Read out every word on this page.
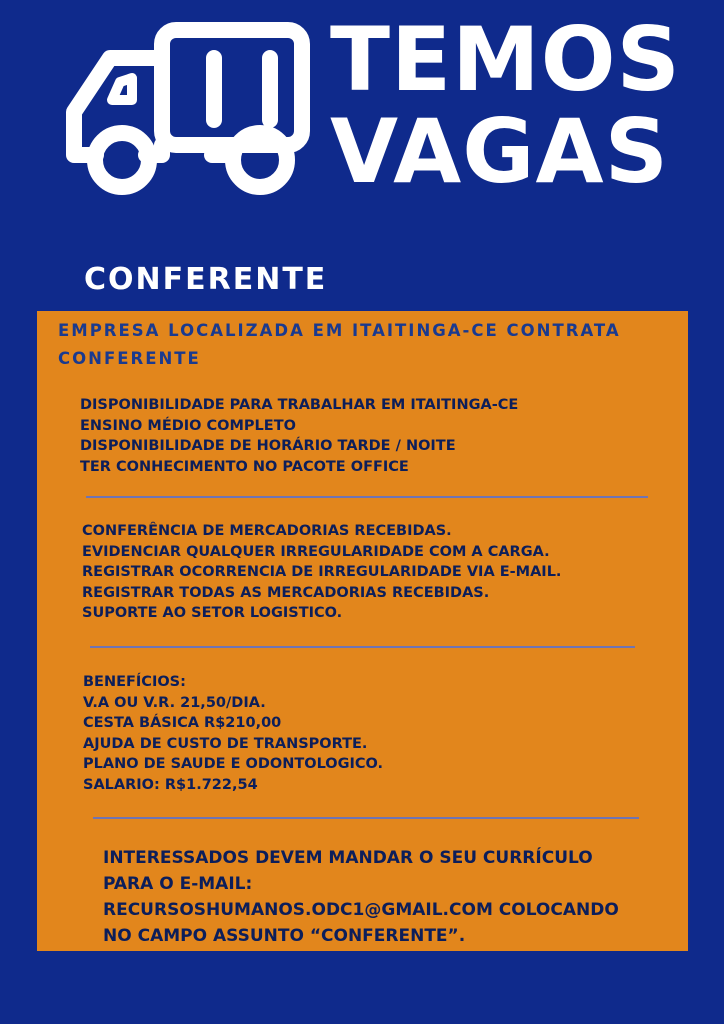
TEMOS
VAGAS
CONFERENTE

EMPRESA LOCALIZADA EM ITAITINGA-CE CONTRATA CONFERENTE

DISPONIBILIDADE PARA TRABALHAR EM ITAITINGA-CE
ENSINO MÉDIO COMPLETO
DISPONIBILIDADE DE HORÁRIO TARDE / NOITE
TER CONHECIMENTO NO PACOTE OFFICE
CONFERÊNCIA DE MERCADORIAS RECEBIDAS.
EVIDENCIAR QUALQUER IRREGULARIDADE COM A CARGA.
REGISTRAR OCORRENCIA DE IRREGULARIDADE VIA E-MAIL.
REGISTRAR TODAS AS MERCADORIAS RECEBIDAS.
SUPORTE AO SETOR LOGISTICO.
BENEFÍCIOS:
V.A OU V.R. 21,50/DIA.
CESTA BÁSICA R$210,00
AJUDA DE CUSTO DE TRANSPORTE.
PLANO DE SAUDE E ODONTOLOGICO.
SALARIO: R$1.722,54
INTERESSADOS DEVEM MANDAR O SEU CURRÍCULO
PARA O E-MAIL:
RECURSOSHUMANOS.ODC1@GMAIL.COM COLOCANDO
NO CAMPO ASSUNTO “CONFERENTE”.
